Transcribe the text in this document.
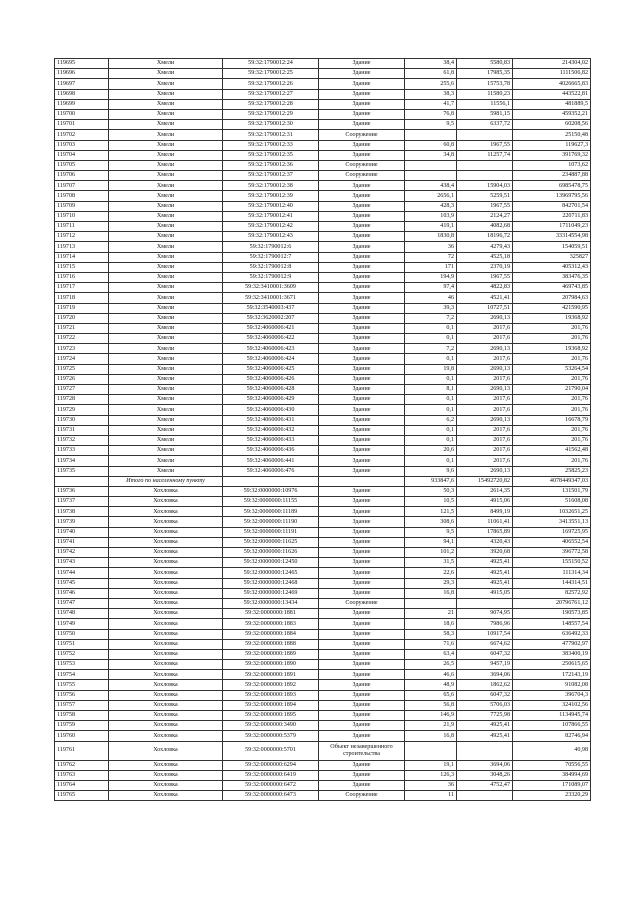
119695	Хмели	59:32:1790012:24	Здание	38,4	5580,83	214304,02
119696	Хмели	59:32:1790012:25	Здание	61,8	17985,35	1111506,82
119697	Хмели	59:32:1790012:26	Здание	255,6	15753,78	4026665,83
119698	Хмели	59:32:1790012:27	Здание	38,3	11580,23	443522,81
119699	Хмели	59:32:1790012:28	Здание	41,7	11556,1	481889,5
119700	Хмели	59:32:1790012:29	Здание	76,8	5981,15	459352,21
119701	Хмели	59:32:1790012:30	Здание	9,5	6337,72	60208,56
119702	Хмели	59:32:1790012:31	Сооружение			25150,48
119703	Хмели	59:32:1790012:33	Здание	60,8	1967,55	119627,3
119704	Хмели	59:32:1790012:35	Здание	34,8	11257,74	391769,32
119705	Хмели	59:32:1790012:36	Сооружение			1073,62
119706	Хмели	59:32:1790012:37	Сооружение			234887,88
119707	Хмели	59:32:1790012:38	Здание	438,4	15904,03	6985478,75
119708	Хмели	59:32:1790012:39	Здание	2656,1	5259,51	13969795,56
119709	Хмели	59:32:1790012:40	Здание	428,3	1967,55	842701,54
119710	Хмели	59:32:1790012:41	Здание	103,9	2124,27	220711,83
119711	Хмели	59:32:1790012:42	Здание	419,1	4082,68	1711049,23
119712	Хмели	59:32:1790012:43	Здание	1830,8	18196,72	33314554,98
119713	Хмели	59:32:1790012:6	Здание	36	4279,43	154059,51
119714	Хмели	59:32:1790012:7	Здание	72	4525,18	325827
119715	Хмели	59:32:1790012:8	Здание	171	2370,19	405312,43
119716	Хмели	59:32:1790012:9	Здание	194,9	1967,55	383476,35
119717	Хмели	59:32:3410001:3609	Здание	97,4	4822,83	469743,85
119718	Хмели	59:32:3410001:3671	Здание	46	4521,41	207984,63
119719	Хмели	59:32:3540003:437	Здание	39,3	10727,51	421590,95
119720	Хмели	59:32:3620002:207	Здание	7,2	2690,13	19368,92
119721	Хмели	59:32:4060006:421	Здание	0,1	2017,6	201,76
119722	Хмели	59:32:4060006:422	Здание	0,1	2017,6	201,76
119723	Хмели	59:32:4060006:423	Здание	7,2	2690,13	19368,92
119724	Хмели	59:32:4060006:424	Здание	0,1	2017,6	201,76
119725	Хмели	59:32:4060006:425	Здание	19,8	2690,13	53264,54
119726	Хмели	59:32:4060006:426	Здание	0,1	2017,6	201,76
119727	Хмели	59:32:4060006:428	Здание	8,1	2690,13	21790,04
119728	Хмели	59:32:4060006:429	Здание	0,1	2017,6	201,76
119729	Хмели	59:32:4060006:430	Здание	0,1	2017,6	201,76
119730	Хмели	59:32:4060006:431	Здание	6,2	2690,13	16678,79
119731	Хмели	59:32:4060006:432	Здание	0,1	2017,6	201,76
119732	Хмели	59:32:4060006:433	Здание	0,1	2017,6	201,76
119733	Хмели	59:32:4060006:436	Здание	20,6	2017,6	41562,48
119734	Хмели	59:32:4060006:441	Здание	0,1	2017,6	201,76
119735	Хмели	59:32:4060006:476	Здание	9,6	2690,13	25825,23
	Итого по населенному пункту			933847,6	15492720,82	4078449347,03
119736	Хохловка	59:32:0000000:10976	Здание	50,3	2614,35	131501,79
119737	Хохловка	59:32:0000000:11155	Здание	10,5	4915,06	51608,08
119738	Хохловка	59:32:0000000:11189	Здание	121,5	8499,19	1032651,25
119739	Хохловка	59:32:0000000:11190	Здание	308,6	11061,41	3413551,13
119740	Хохловка	59:32:0000000:11191	Здание	9,5	17865,89	169725,95
119741	Хохловка	59:32:0000000:11625	Здание	94,1	4320,43	406552,54
119742	Хохловка	59:32:0000000:11626	Здание	101,2	3920,68	396772,58
119743	Хохловка	59:32:0000000:12450	Здание	31,5	4925,41	155150,52
119744	Хохловка	59:32:0000000:12465	Здание	22,6	4925,41	111314,34
119745	Хохловка	59:32:0000000:12468	Здание	29,3	4925,41	144314,51
119746	Хохловка	59:32:0000000:12469	Здание	16,8	4915,05	82572,92
119747	Хохловка	59:32:0000000:13434	Сооружение			20796761,12
119748	Хохловка	59:32:0000000:1881	Здание	21	9074,95	190573,85
119749	Хохловка	59:32:0000000:1883	Здание	18,6	7986,96	148557,54
119750	Хохловка	59:32:0000000:1884	Здание	58,3	10917,54	636492,33
119751	Хохловка	59:32:0000000:1888	Здание	71,6	6674,62	477902,97
119752	Хохловка	59:32:0000000:1889	Здание	63,4	6047,32	383400,19
119753	Хохловка	59:32:0000000:1890	Здание	26,5	9457,19	250615,65
119754	Хохловка	59:32:0000000:1891	Здание	46,6	3694,06	172143,19
119755	Хохловка	59:32:0000000:1892	Здание	48,9	1862,62	91082,08
119756	Хохловка	59:32:0000000:1893	Здание	65,6	6047,32	396704,3
119757	Хохловка	59:32:0000000:1894	Здание	56,8	5706,03	324102,56
119758	Хохловка	59:32:0000000:1895	Здание	146,9	7725,98	1134945,74
119759	Хохловка	59:32:0000000:3490	Здание	21,9	4925,41	107866,55
119760	Хохловка	59:32:0000000:5379	Здание	16,8	4925,41	82746,94
119761	Хохловка	59:32:0000000:5701	Объект незавершенного строительства			40,98
119762	Хохловка	59:32:0000000:6294	Здание	19,1	3694,06	70556,55
119763	Хохловка	59:32:0000000:6419	Здание	126,3	3048,26	384994,69
119764	Хохловка	59:32:0000000:6472	Здание	36	4752,47	171089,07
119765	Хохловка	59:32:0000000:6473	Сооружение	11		23320,29
